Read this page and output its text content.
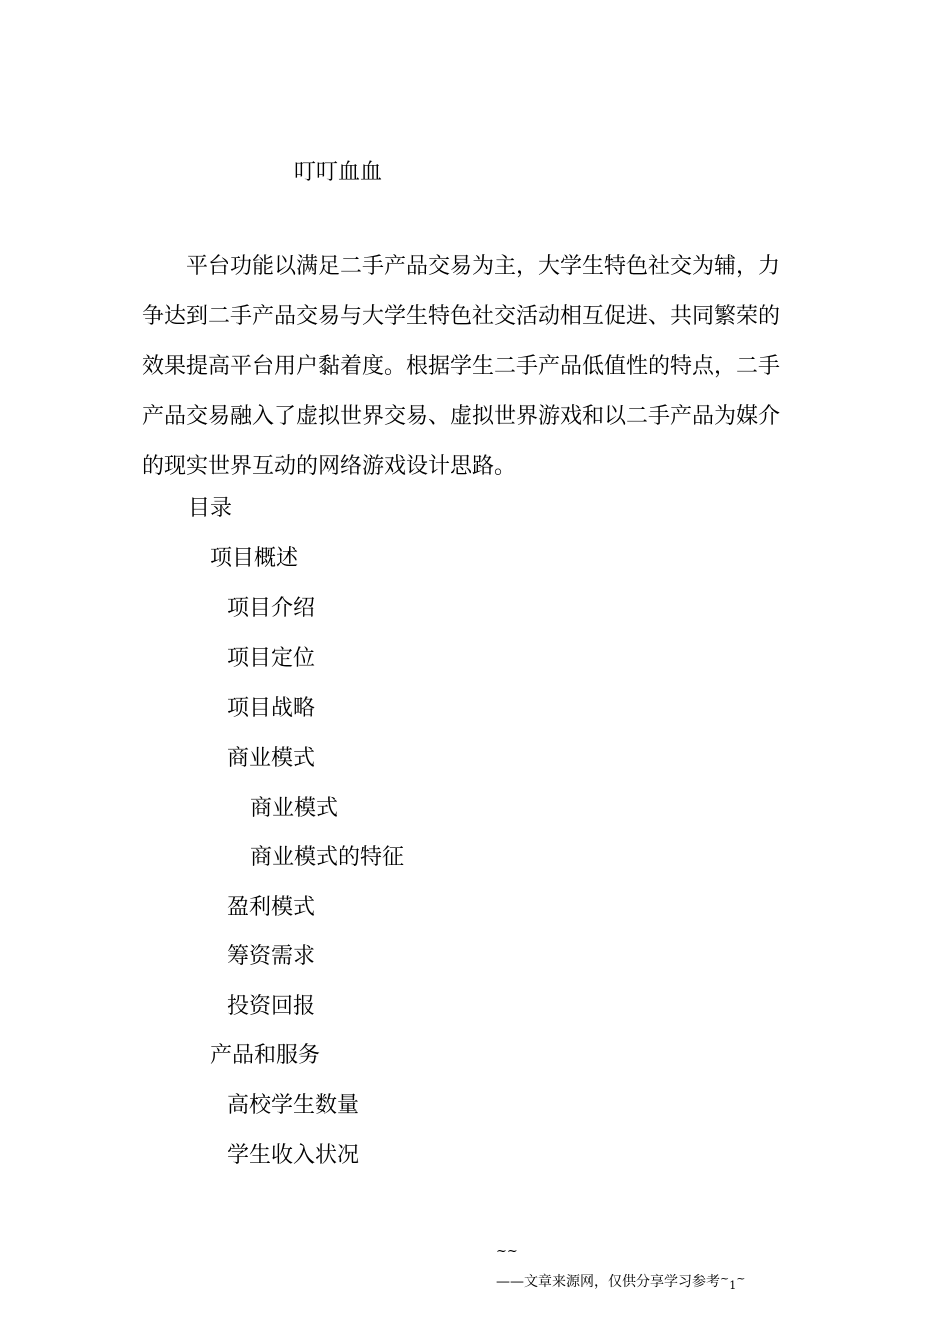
叮叮血血
　　平台功能以满足二手产品交易为主，大学生特色社交为辅，力
争达到二手产品交易与大学生特色社交活动相互促进、共同繁荣的
效果提高平台用户黏着度。根据学生二手产品低值性的特点，二手
产品交易融入了虚拟世界交易、虚拟世界游戏和以二手产品为媒介
的现实世界互动的网络游戏设计思路。
目录
项目概述
项目介绍
项目定位
项目战略
商业模式
商业模式
商业模式的特征
盈利模式
筹资需求
投资回报
产品和服务
高校学生数量
学生收入状况
~~
——文章来源网，仅供分享学习参考~$_1$~
